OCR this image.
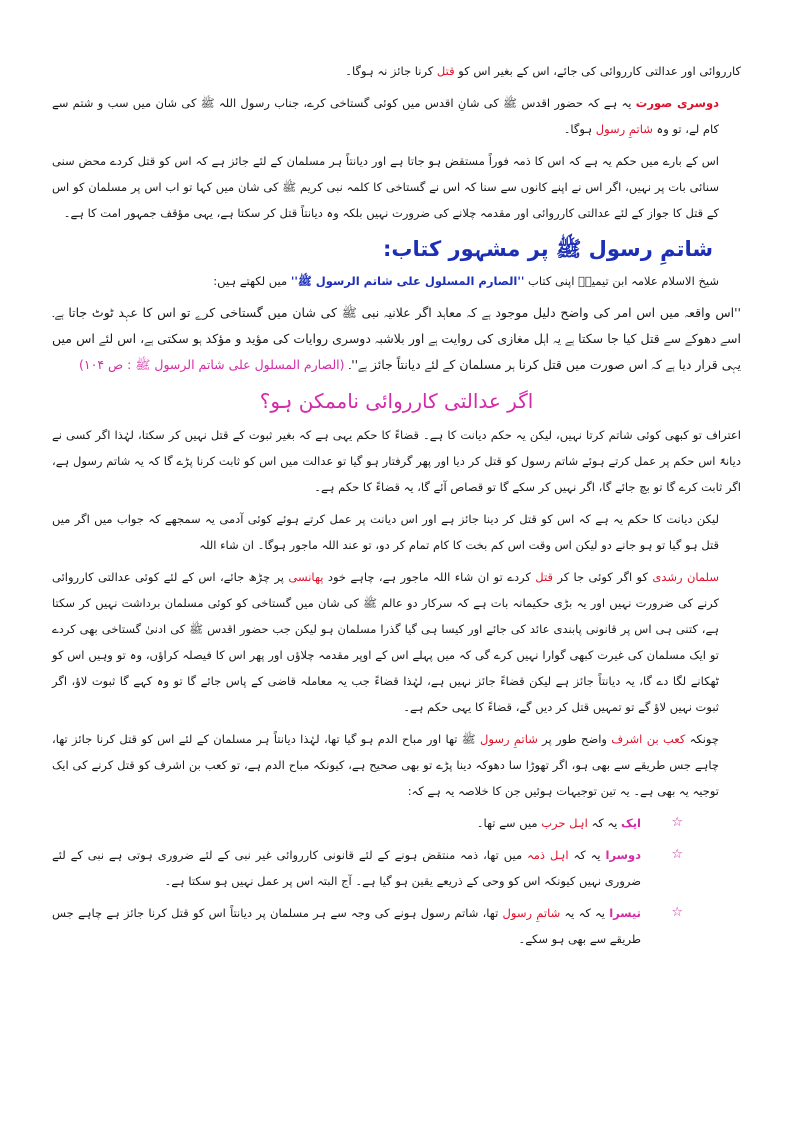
کارروائی اور عدالتی کارروائی کی جائے، اس کے بغیر اس کو قتل کرنا جائز نہ ہوگا۔

دوسری صورت یہ ہے کہ حضور اقدس ﷺ کی شانِ اقدس میں کوئی گستاخی کرے، جناب رسول اللہ ﷺ کی شان میں سب و شتم سے کام لے، تو وہ شاتمِ رسول ہوگا۔

اس کے بارے میں حکم یہ ہے کہ اس کا ذمہ فوراً مستقض ہو جاتا ہے اور دیانتاً ہر مسلمان کے لئے جائز ہے کہ اس کو قتل کردے محض سنی سنائی بات پر نہیں، اگر اس نے اپنے کانوں سے سنا کہ اس نے گستاخی کا کلمہ نبی کریم ﷺ کی شان میں کہا تو اب اس پر مسلمان کو اس کے قتل کا جواز کے لئے عدالتی کارروائی اور مقدمہ چلانے کی ضرورت نہیں بلکہ وہ دیانتاً قتل کر سکتا ہے، یہی مؤقف جمہور امت کا ہے۔

شاتمِ رسول ﷺ پر مشہور کتاب:

شیخ الاسلام علامہ ابن تیمیہؒ اپنی کتاب ''الصارم المسلول علی شاتم الرسول ﷺ'' میں لکھتے ہیں:

''اس واقعہ میں اس امر کی واضح دلیل موجود ہے کہ معاہد اگر علانیہ نبی ﷺ کی شان میں گستاخی کرے تو اس کا عہد ٹوٹ جاتا ہے۔ اسے دھوکے سے قتل کیا جا سکتا ہے یہ اہل مغازی کی روایت ہے اور بلاشبہ دوسری روایات کی مؤید و مؤکد ہو سکتی ہے، اس لئے اس میں یہی قرار دیا ہے کہ اس صورت میں قتل کرنا ہر مسلمان کے لئے دیانتاً جائز ہے''۔ (الصارم المسلول علی شاتم الرسول ﷺ : ص ۱۰۴)

اگر عدالتی کارروائی ناممکن ہو؟

اعتراف تو کبھی کوئی شاتم کرتا نہیں، لیکن یہ حکم دیانت کا ہے۔ قضاءً کا حکم یہی ہے کہ بغیر ثبوت کے قتل نہیں کر سکتا، لہٰذا اگر کسی نے دیانۃً اس حکم پر عمل کرتے ہوئے شاتم رسول کو قتل کر دیا اور پھر گرفتار ہو گیا تو عدالت میں اس کو ثابت کرنا پڑے گا کہ یہ شاتم رسول ہے، اگر ثابت کرے گا تو بچ جائے گا، اگر نہیں کر سکے گا تو قصاص آئے گا، یہ قضاءً کا حکم ہے۔

لیکن دیانت کا حکم یہ ہے کہ اس کو قتل کر دینا جائز ہے اور اس دیانت پر عمل کرتے ہوئے کوئی آدمی یہ سمجھے کہ جواب میں اگر میں قتل ہو گیا تو ہو جانے دو لیکن اس وقت اس کم بخت کا کام تمام کر دو، تو عند اللہ ماجور ہوگا۔ ان شاء اللہ

سلمان رشدی کو اگر کوئی جا کر قتل کردے تو ان شاء اللہ ماجور ہے، چاہے خود پھانسی پر چڑھ جائے، اس کے لئے کوئی عدالتی کارروائی کرنے کی ضرورت نہیں اور یہ بڑی حکیمانہ بات ہے کہ سرکار دو عالم ﷺ کی شان میں گستاخی کو کوئی مسلمان برداشت نہیں کر سکتا ہے، کتنی ہی اس پر قانونی پابندی عائد کی جائے اور کیسا ہی گیا گذرا مسلمان ہو لیکن جب حضور اقدس ﷺ کی ادنیٰ گستاخی بھی کردے تو ایک مسلمان کی غیرت کبھی گوارا نہیں کرے گی کہ میں پہلے اس کے اوپر مقدمہ چلاؤں اور پھر اس کا فیصلہ کراؤں، وہ تو وہیں اس کو ٹھکانے لگا دے گا، یہ دیانتاً جائز ہے لیکن قضاءً جائز نہیں ہے، لہٰذا قضاءً جب یہ معاملہ قاضی کے پاس جائے گا تو وہ کہے گا ثبوت لاؤ، اگر ثبوت نہیں لاؤ گے تو تمہیں قتل کر دیں گے، قضاءً کا یہی حکم ہے۔

چونکہ کعب بن اشرف واضح طور پر شاتمِ رسول ﷺ تھا اور مباح الدم ہو گیا تھا، لہٰذا دیانتاً ہر مسلمان کے لئے اس کو قتل کرنا جائز تھا، چاہے جس طریقے سے بھی ہو، اگر تھوڑا سا دھوکہ دینا پڑے تو بھی صحیح ہے، کیونکہ مباح الدم ہے، تو کعب بن اشرف کو قتل کرنے کی ایک توجیہ یہ بھی ہے۔ یہ تین توجیہات ہوئیں جن کا خلاصہ یہ ہے کہ:

☆
ایک یہ کہ اہل حرب میں سے تھا۔

☆
دوسرا یہ کہ اہل ذمہ میں تھا، ذمہ منتقض ہونے کے لئے قانونی کارروائی غیر نبی کے لئے ضروری ہوتی ہے نبی کے لئے ضروری نہیں کیونکہ اس کو وحی کے ذریعے یقین ہو گیا ہے۔ آج البتہ اس پر عمل نہیں ہو سکتا ہے۔

☆
تیسرا یہ کہ یہ شاتمِ رسول تھا، شاتم رسول ہونے کی وجہ سے ہر مسلمان پر دیانتاً اس کو قتل کرنا جائز ہے چاہے جس طریقے سے بھی ہو سکے۔
